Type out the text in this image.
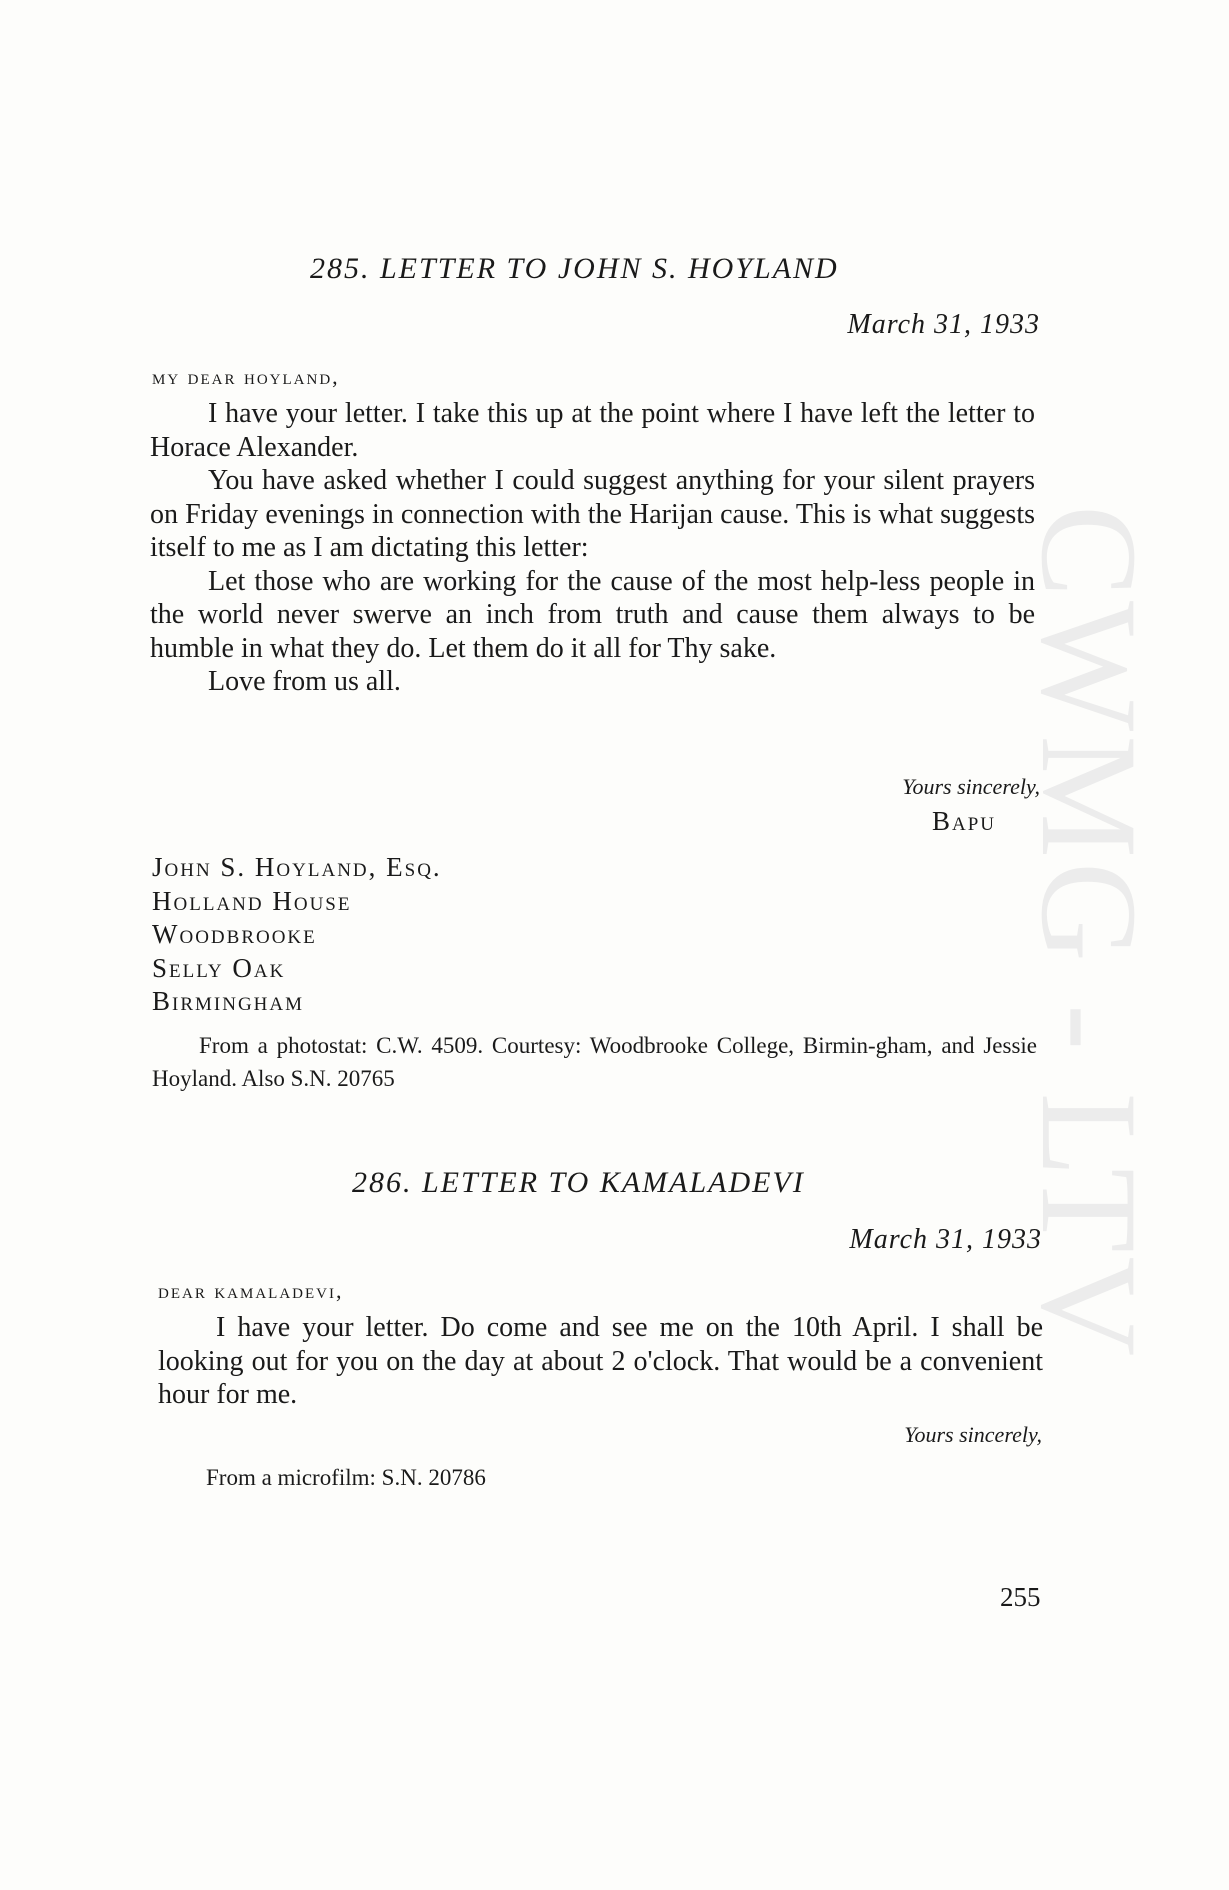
CWMG - LTV
285. LETTER TO JOHN S. HOYLAND
March 31, 1933
my dear hoyland,

I have your letter. I take this up at the point where I have left the letter to Horace Alexander.

You have asked whether I could suggest anything for your silent prayers on Friday evenings in connection with the Harijan cause. This is what suggests itself to me as I am dictating this letter:

Let those who are working for the cause of the most help-less people in the world never swerve an inch from truth and cause them always to be humble in what they do. Let them do it all for Thy sake.

Love from us all.

Yours sincerely,
Bapu
John S. Hoyland, Esq.
Holland House
Woodbrooke
Selly Oak
Birmingham

From a photostat: C.W. 4509. Courtesy: Woodbrooke College, Birmin-gham, and Jessie Hoyland. Also S.N. 20765

286. LETTER TO KAMALADEVI
March 31, 1933
dear kamaladevi,

I have your letter. Do come and see me on the 10th April. I shall be looking out for you on the day at about 2 o'clock. That would be a convenient hour for me.

Yours sincerely,
From a microfilm: S.N. 20786
255
